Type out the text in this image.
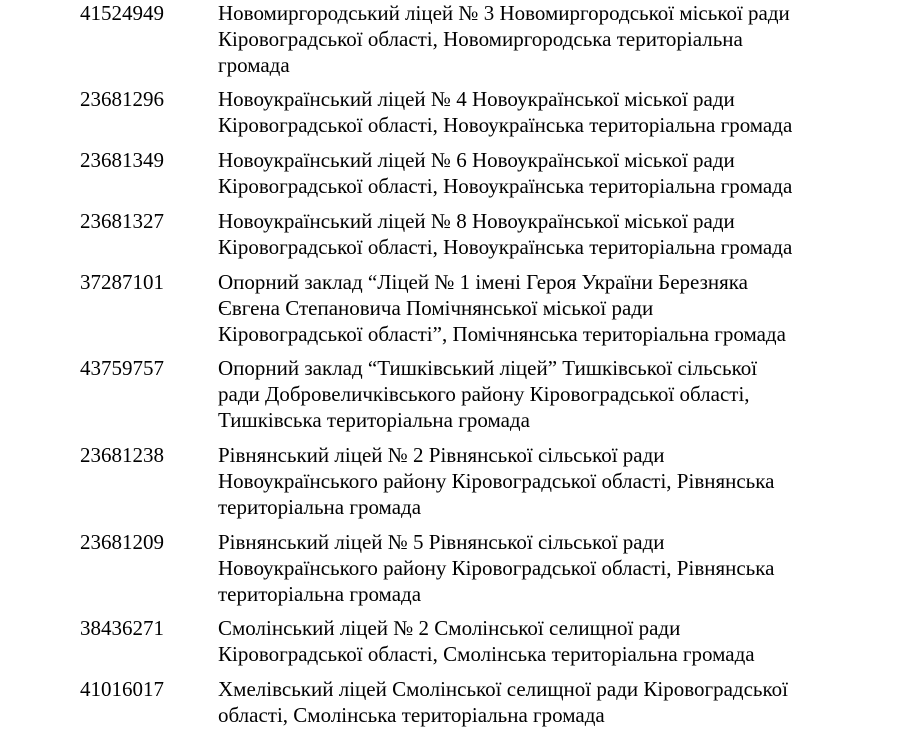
41524949	Новомиргородський ліцей № 3 Новомиргородської міської ради
Кіровоградської області, Новомиргородська територіальна
громада
23681296	Новоукраїнський ліцей № 4 Новоукраїнської міської ради
Кіровоградської області, Новоукраїнська територіальна громада
23681349	Новоукраїнський ліцей № 6 Новоукраїнської міської ради
Кіровоградської області, Новоукраїнська територіальна громада
23681327	Новоукраїнський ліцей № 8 Новоукраїнської міської ради
Кіровоградської області, Новоукраїнська територіальна громада
37287101	Опорний заклад “Ліцей № 1 імені Героя України Березняка
Євгена Степановича Помічнянської міської ради
Кіровоградської області”, Помічнянська територіальна громада
43759757	Опорний заклад “Тишківський ліцей” Тишківської сільської
ради Добровеличківського району Кіровоградської області,
Тишківська територіальна громада
23681238	Рівнянський ліцей № 2 Рівнянської сільської ради
Новоукраїнського району Кіровоградської області, Рівнянська
територіальна громада
23681209	Рівнянський ліцей № 5 Рівнянської сільської ради
Новоукраїнського району Кіровоградської області, Рівнянська
територіальна громада
38436271	Смолінський ліцей № 2 Смолінської селищної ради
Кіровоградської області, Смолінська територіальна громада
41016017	Хмелівський ліцей Смолінської селищної ради Кіровоградської
області, Смолінська територіальна громада
